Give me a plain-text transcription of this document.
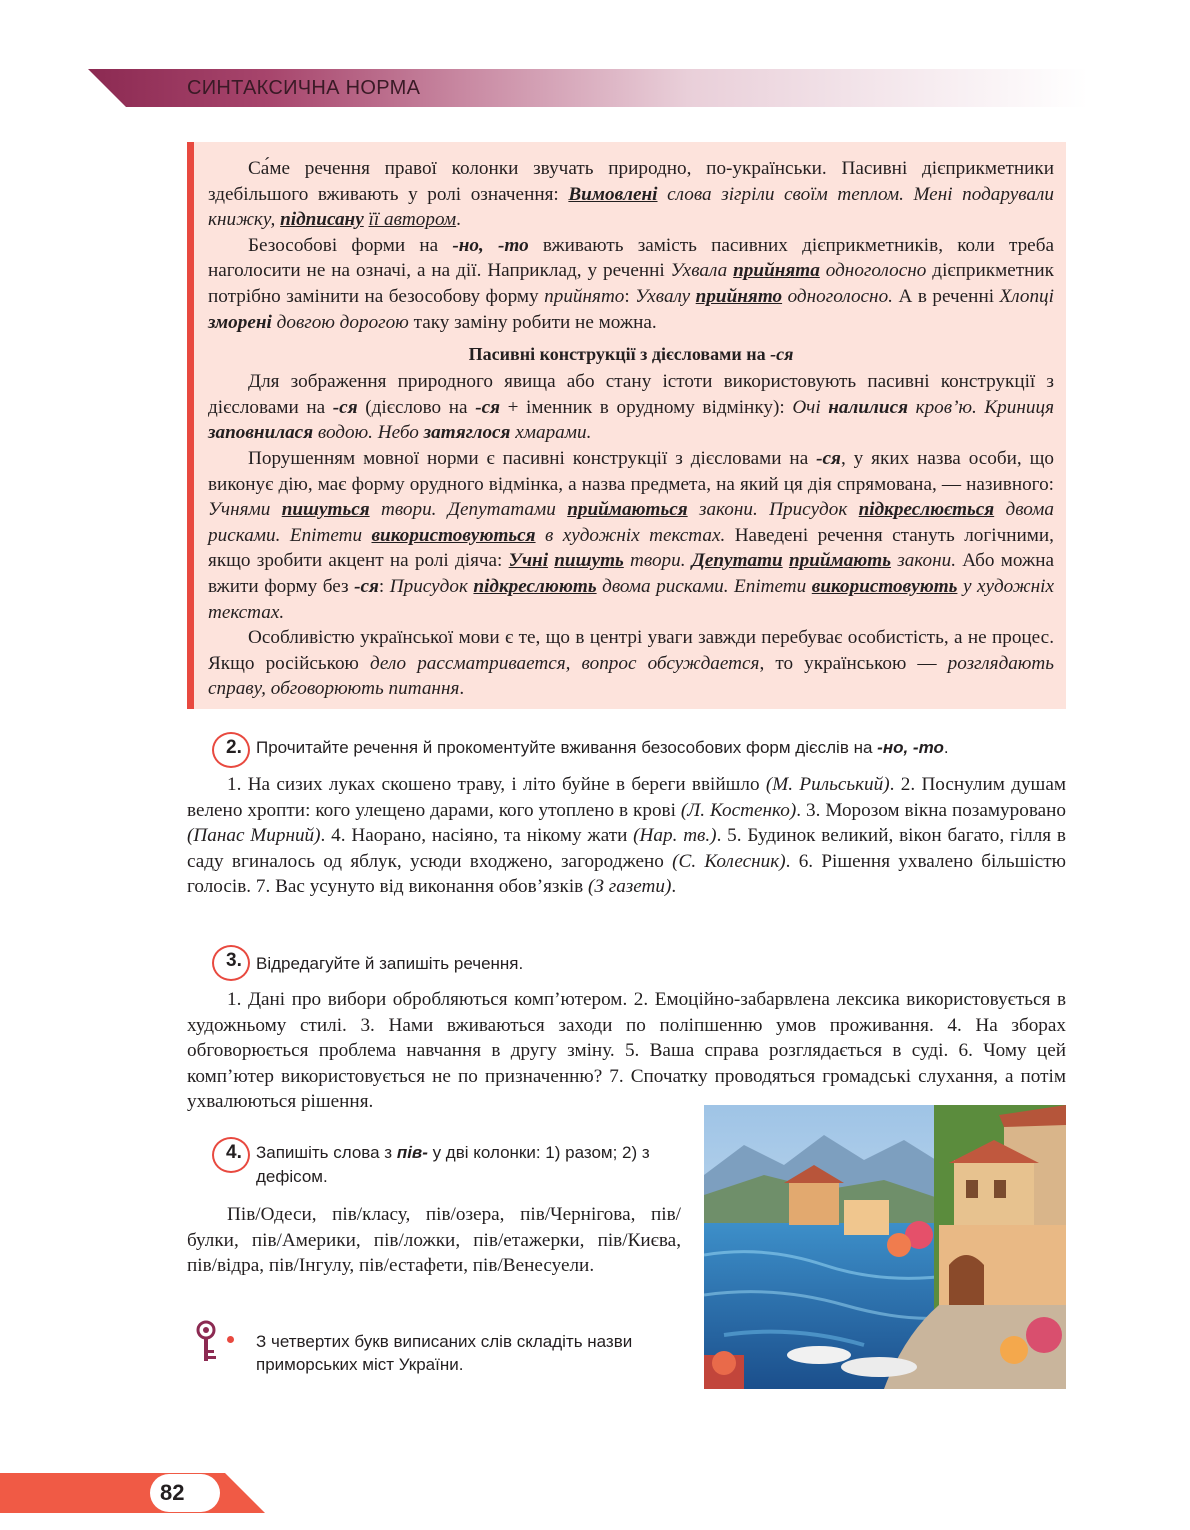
СИНТАКСИЧНА НОРМА

Са́ме речення правої колонки звучать природно, по-українськи. Пасивні дієприкметники здебільшого вживають у ролі означення: Вимовлені слова зігріли своїм теплом. Мені подарували книжку, підписану її автором.

Безособові форми на -но, -то вживають замість пасивних дієприкметників, коли треба наголосити не на означі, а на дії. Наприклад, у реченні Ухвала прийнята одноголосно дієприкметник потрібно замінити на безособову форму прийнято: Ухвалу прийнято одноголосно. А в реченні Хлопці зморені довгою дорогою таку заміну робити не можна.

Пасивні конструкції з дієсловами на -ся

Для зображення природного явища або стану істоти використовують пасивні конструкції з дієсловами на -ся (дієслово на -ся + іменник в орудному відмінку): Очі налилися кров’ю. Криниця заповнилася водою. Небо затяглося хмарами.

Порушенням мовної норми є пасивні конструкції з дієсловами на -ся, у яких назва особи, що виконує дію, має форму орудного відмінка, а назва предмета, на який ця дія спрямована, — називного: Учнями пишуться твори. Депутатами приймаються закони. Присудок підкреслюється двома рисками. Епітети використовуються в художніх текстах. Наведені речення стануть логічними, якщо зробити акцент на ролі діяча: Учні пишуть твори. Депутати приймають закони. Або можна вжити форму без -ся: Присудок підкреслюють двома рисками. Епітети використовують у художніх текстах.

Особливістю української мови є те, що в центрі уваги завжди перебуває особистість, а не процес. Якщо російською дело рассматривается, вопрос обсуждается, то українською — розглядають справу, обговорюють питання.

2. Прочитайте речення й прокоментуйте вживання безособових форм дієслів на -но, -то.

1. На сизих луках скошено траву, і літо буйне в береги ввійшло (М. Рильський). 2. Поснулим душам велено хропти: кого улещено дарами, кого утоплено в крові (Л. Костенко). 3. Морозом вікна позамуровано (Панас Мирний). 4. Наорано, насіяно, та нікому жати (Нар. тв.). 5. Будинок великий, вікон багато, гілля в саду вгиналось од яблук, усюди входжено, загороджено (С. Колесник). 6. Рішення ухвалено більшістю голосів. 7. Вас усунуто від виконання обов’язків (З газети).

3. Відредагуйте й запишіть речення.

1. Дані про вибори обробляються комп’ютером. 2. Емоційно-забарвлена лексика використовується в художньому стилі. 3. Нами вживаються заходи по поліпшенню умов проживання. 4. На зборах обговорюється проблема навчання в другу зміну. 5. Ваша справа розглядається в суді. 6. Чому цей комп’ютер використовується не по призначенню? 7. Спочатку проводяться громадські слухання, а потім ухвалюються рішення.

4. Запишіть слова з пів- у дві колонки: 1) разом; 2) з дефісом.

Пів/Одеси, пів/класу, пів/озера, пів/Чернігова, пів/булки, пів/Америки, пів/ложки, пів/етажерки, пів/Києва, пів/відра, пів/Інгулу, пів/естафети, пів/Венесуели.

З четвертих букв виписаних слів складіть назви приморських міст України.
82
